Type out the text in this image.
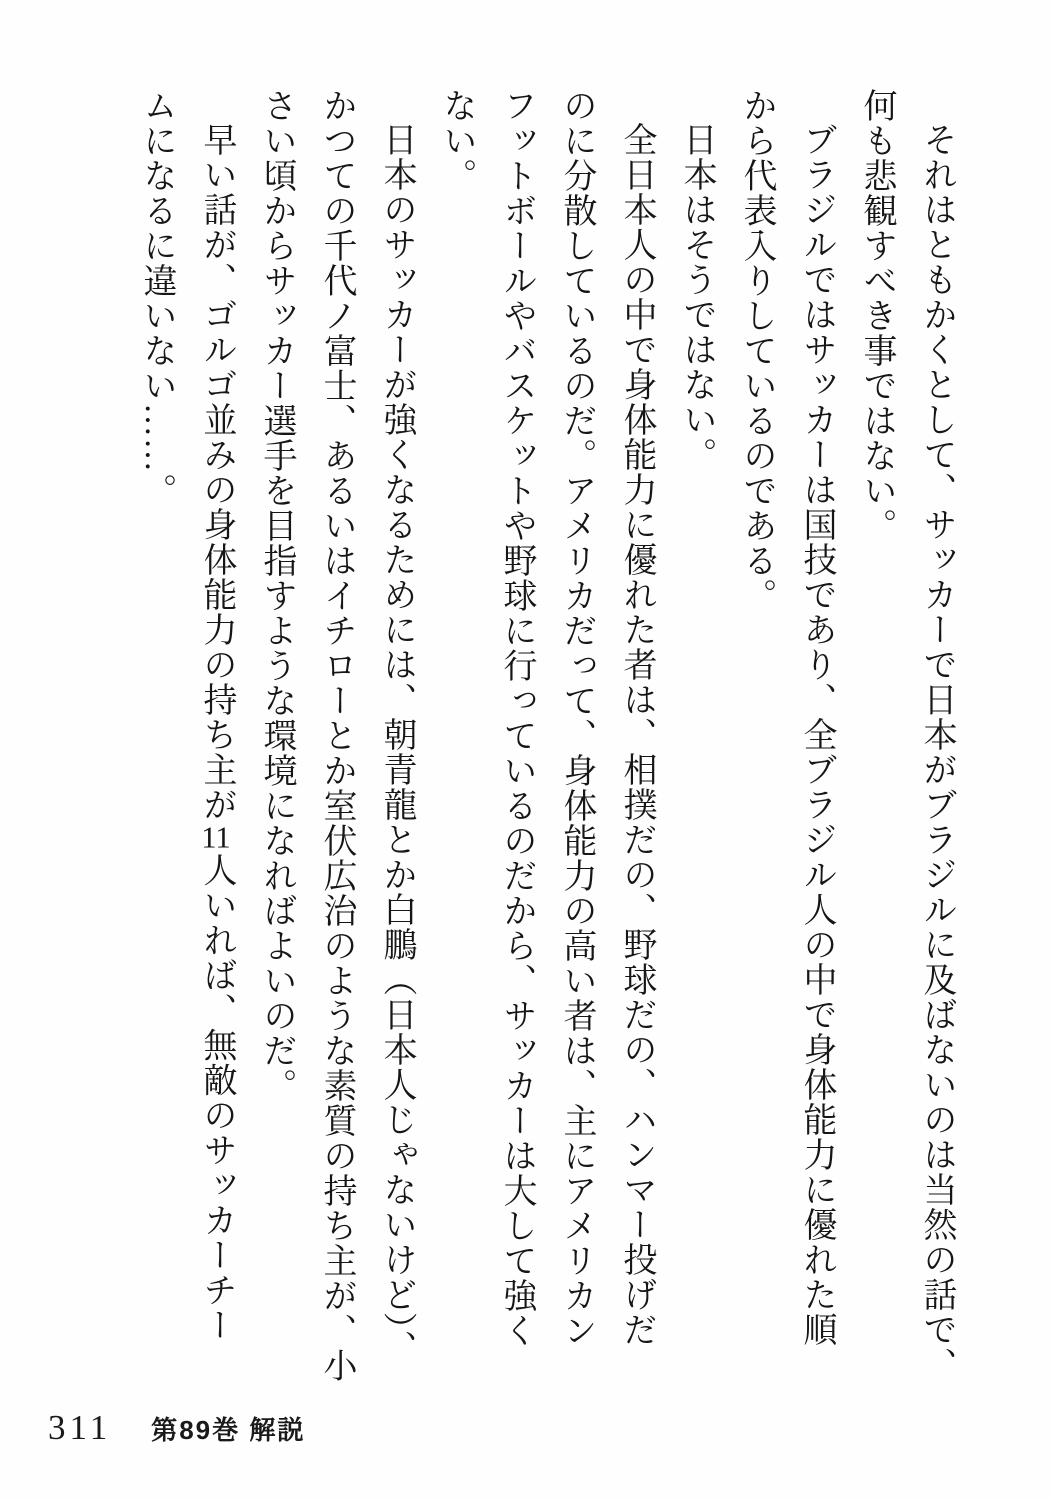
それはともかくとして、サッカーで日本がブラジルに及ばないのは当然の話で、

何も悲観すべき事ではない。

ブラジルではサッカーは国技であり、全ブラジル人の中で身体能力に優れた順

から代表入りしているのである。

日本はそうではない。

全日本人の中で身体能力に優れた者は、相撲だの、野球だの、ハンマー投げだ

のに分散しているのだ。アメリカだって、身体能力の高い者は、主にアメリカン

フットボールやバスケットや野球に行っているのだから、サッカーは大して強く

ない。

日本のサッカーが強くなるためには、朝青龍とか白鵬（日本人じゃないけど）、

かつての千代ノ富士、あるいはイチローとか室伏広治のような素質の持ち主が、小

さい頃からサッカー選手を目指すような環境になればよいのだ。

早い話が、ゴルゴ並みの身体能力の持ち主が11人いれば、無敵のサッカーチー

ムになるに違いない……。

311 第89巻 解説
